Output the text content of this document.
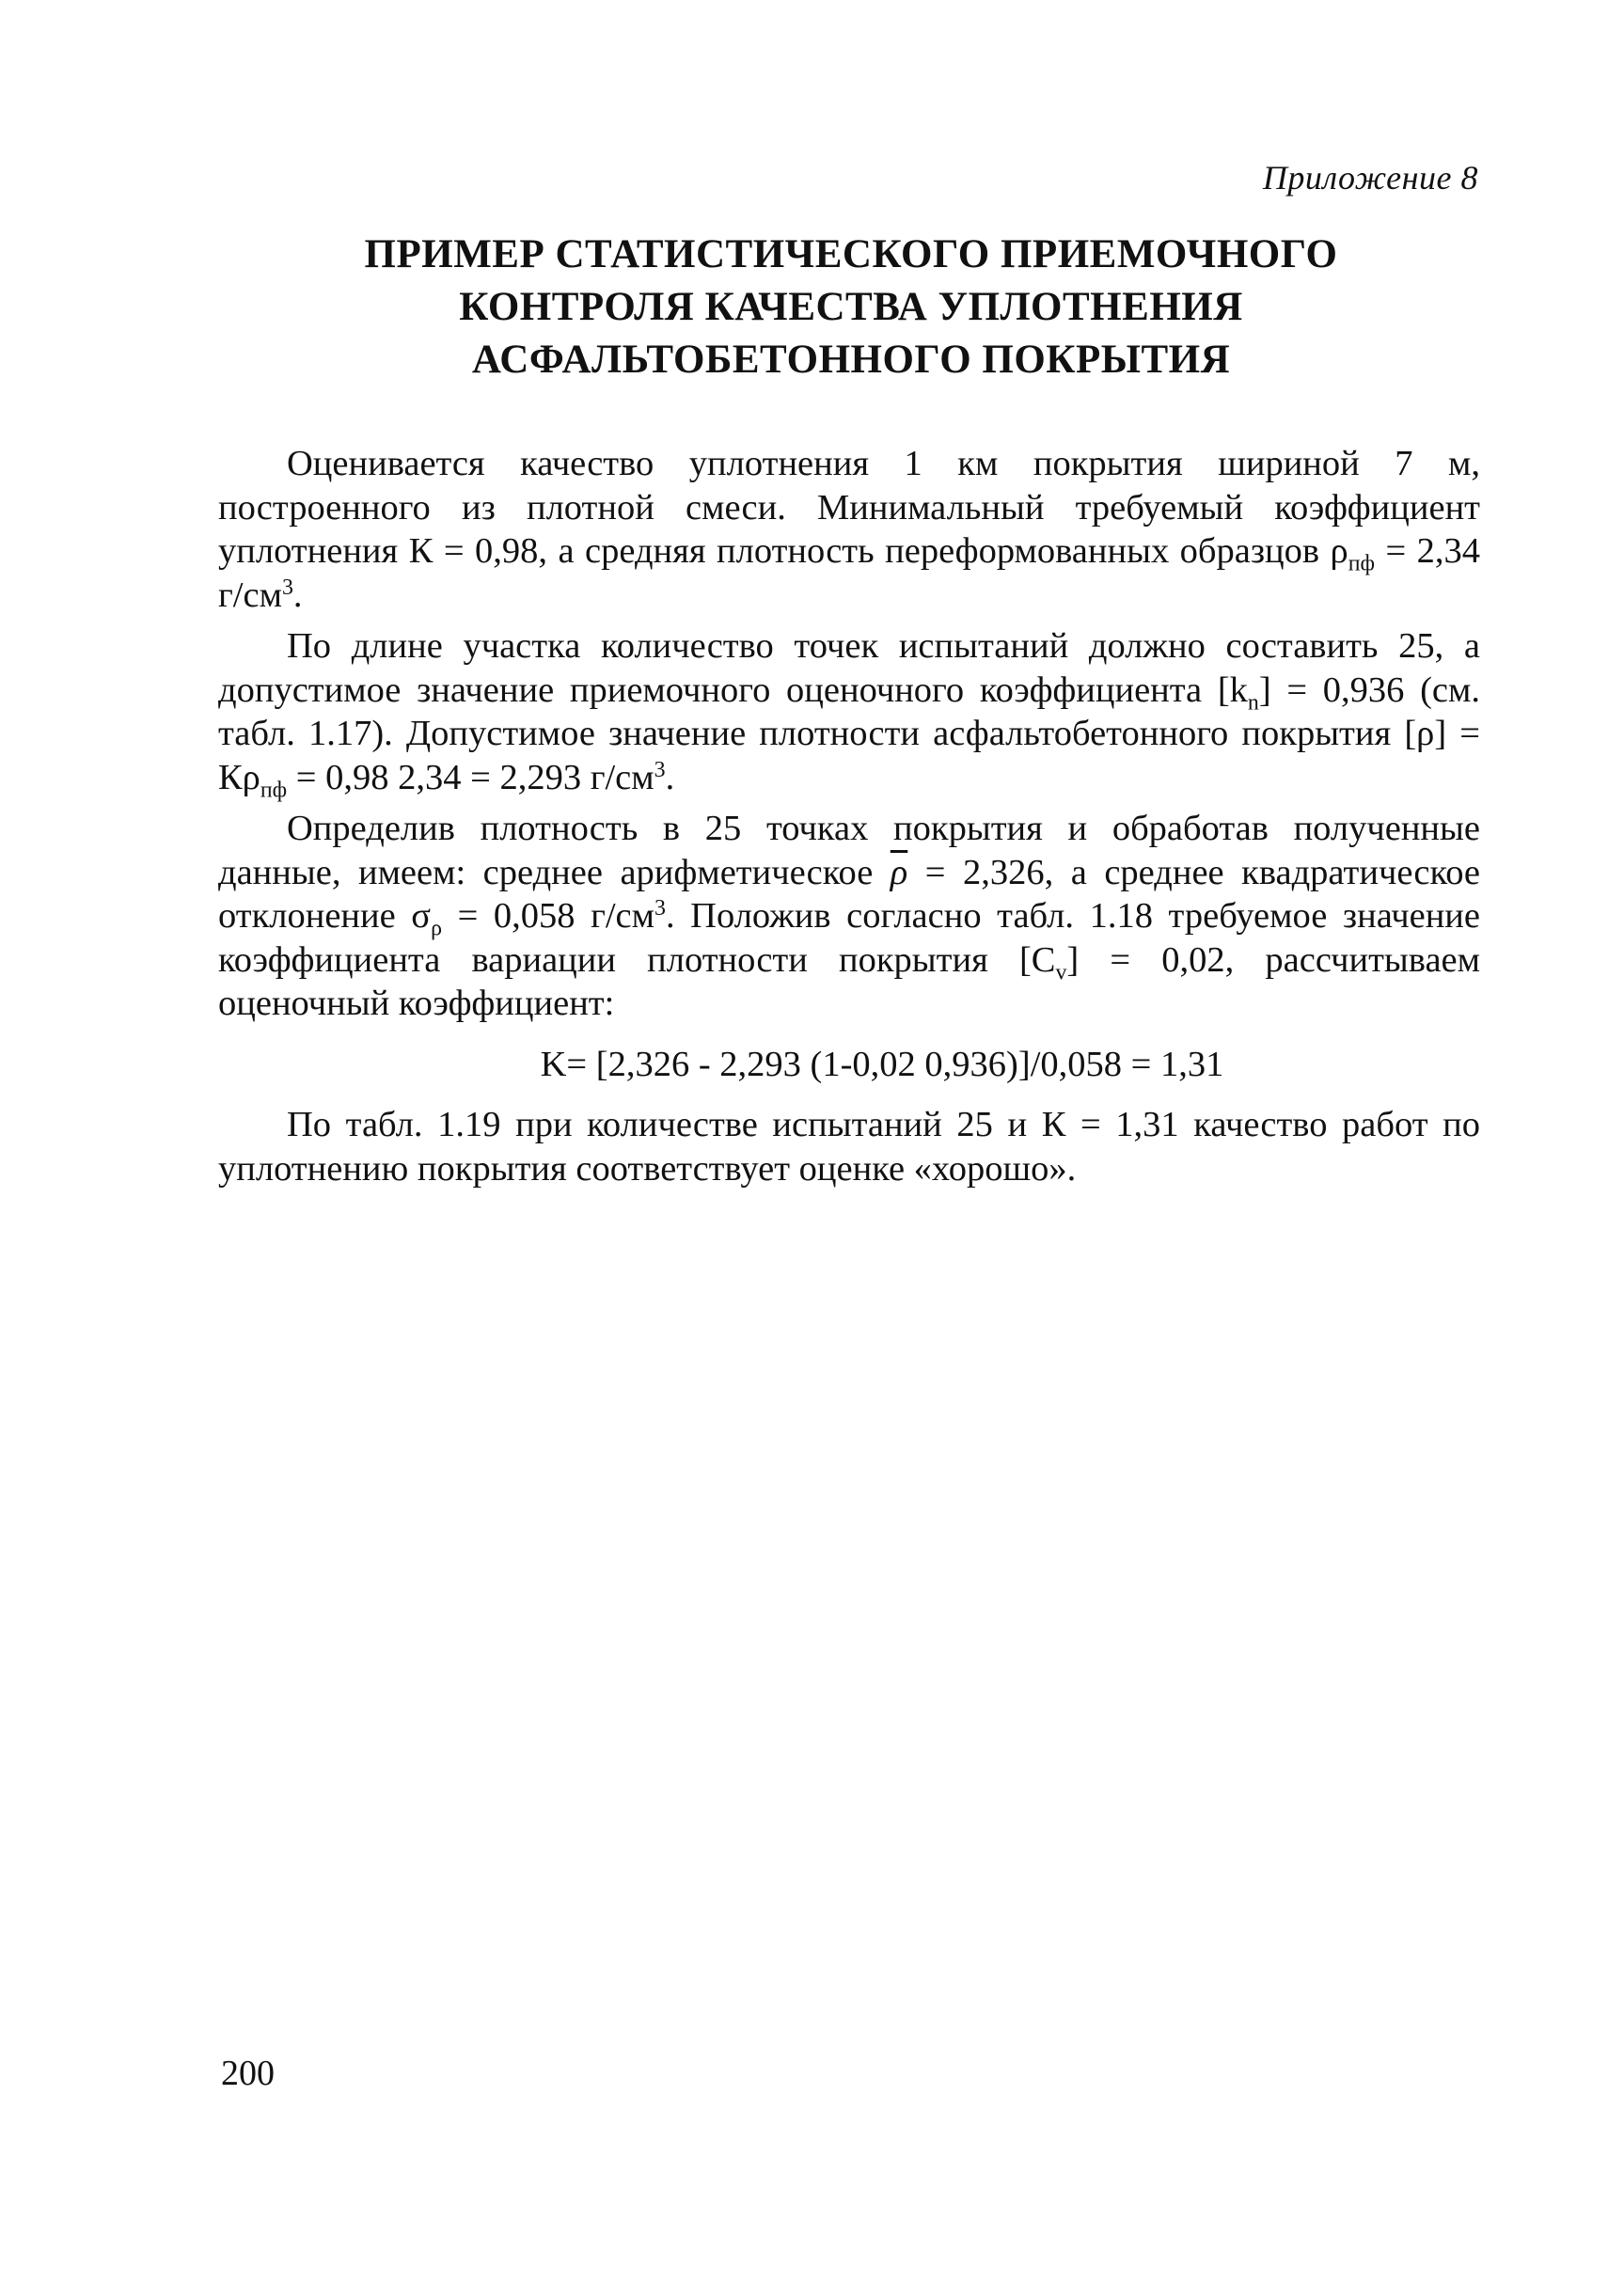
Приложение 8
ПРИМЕР СТАТИСТИЧЕСКОГО ПРИЕМОЧНОГО
КОНТРОЛЯ КАЧЕСТВА УПЛОТНЕНИЯ
АСФАЛЬТОБЕТОННОГО ПОКРЫТИЯ

Оценивается качество уплотнения 1 км покрытия шириной 7 м, построенного из плотной смеси. Минимальный требуемый коэффициент уплотнения К = 0,98, а средняя плотность переформованных образцов $\rho_{пф} = 2,34$ $г/см^3$.

По длине участка количество точек испытаний должно составить 25, а допустимое значение приемочного оценочного коэффициента $[k_n] = 0,936$ (см. табл. 1.17). Допустимое значение плотности асфальтобетонного покрытия $[\rho] = К\rho_{пф} = 0,98$ 2,34 = 2,293 $г/см^3$.

Определив плотность в 25 точках покрытия и обработав полученные данные, имеем: среднее арифметическое $\overline{\rho} = 2,326$, а среднее квадратическое отклонение $\sigma_\rho = 0,058$ $г/см^3$. Положив согласно табл. 1.18 требуемое значение коэффициента вариации плотности покрытия $[C_v] = 0,02$, рассчитываем оценочный коэффициент:

K= [2,326 - 2,293 (1-0,02 0,936)]/0,058 = 1,31

По табл. 1.19 при количестве испытаний 25 и К = 1,31 качество работ по уплотнению покрытия соответствует оценке «хорошо».

200
